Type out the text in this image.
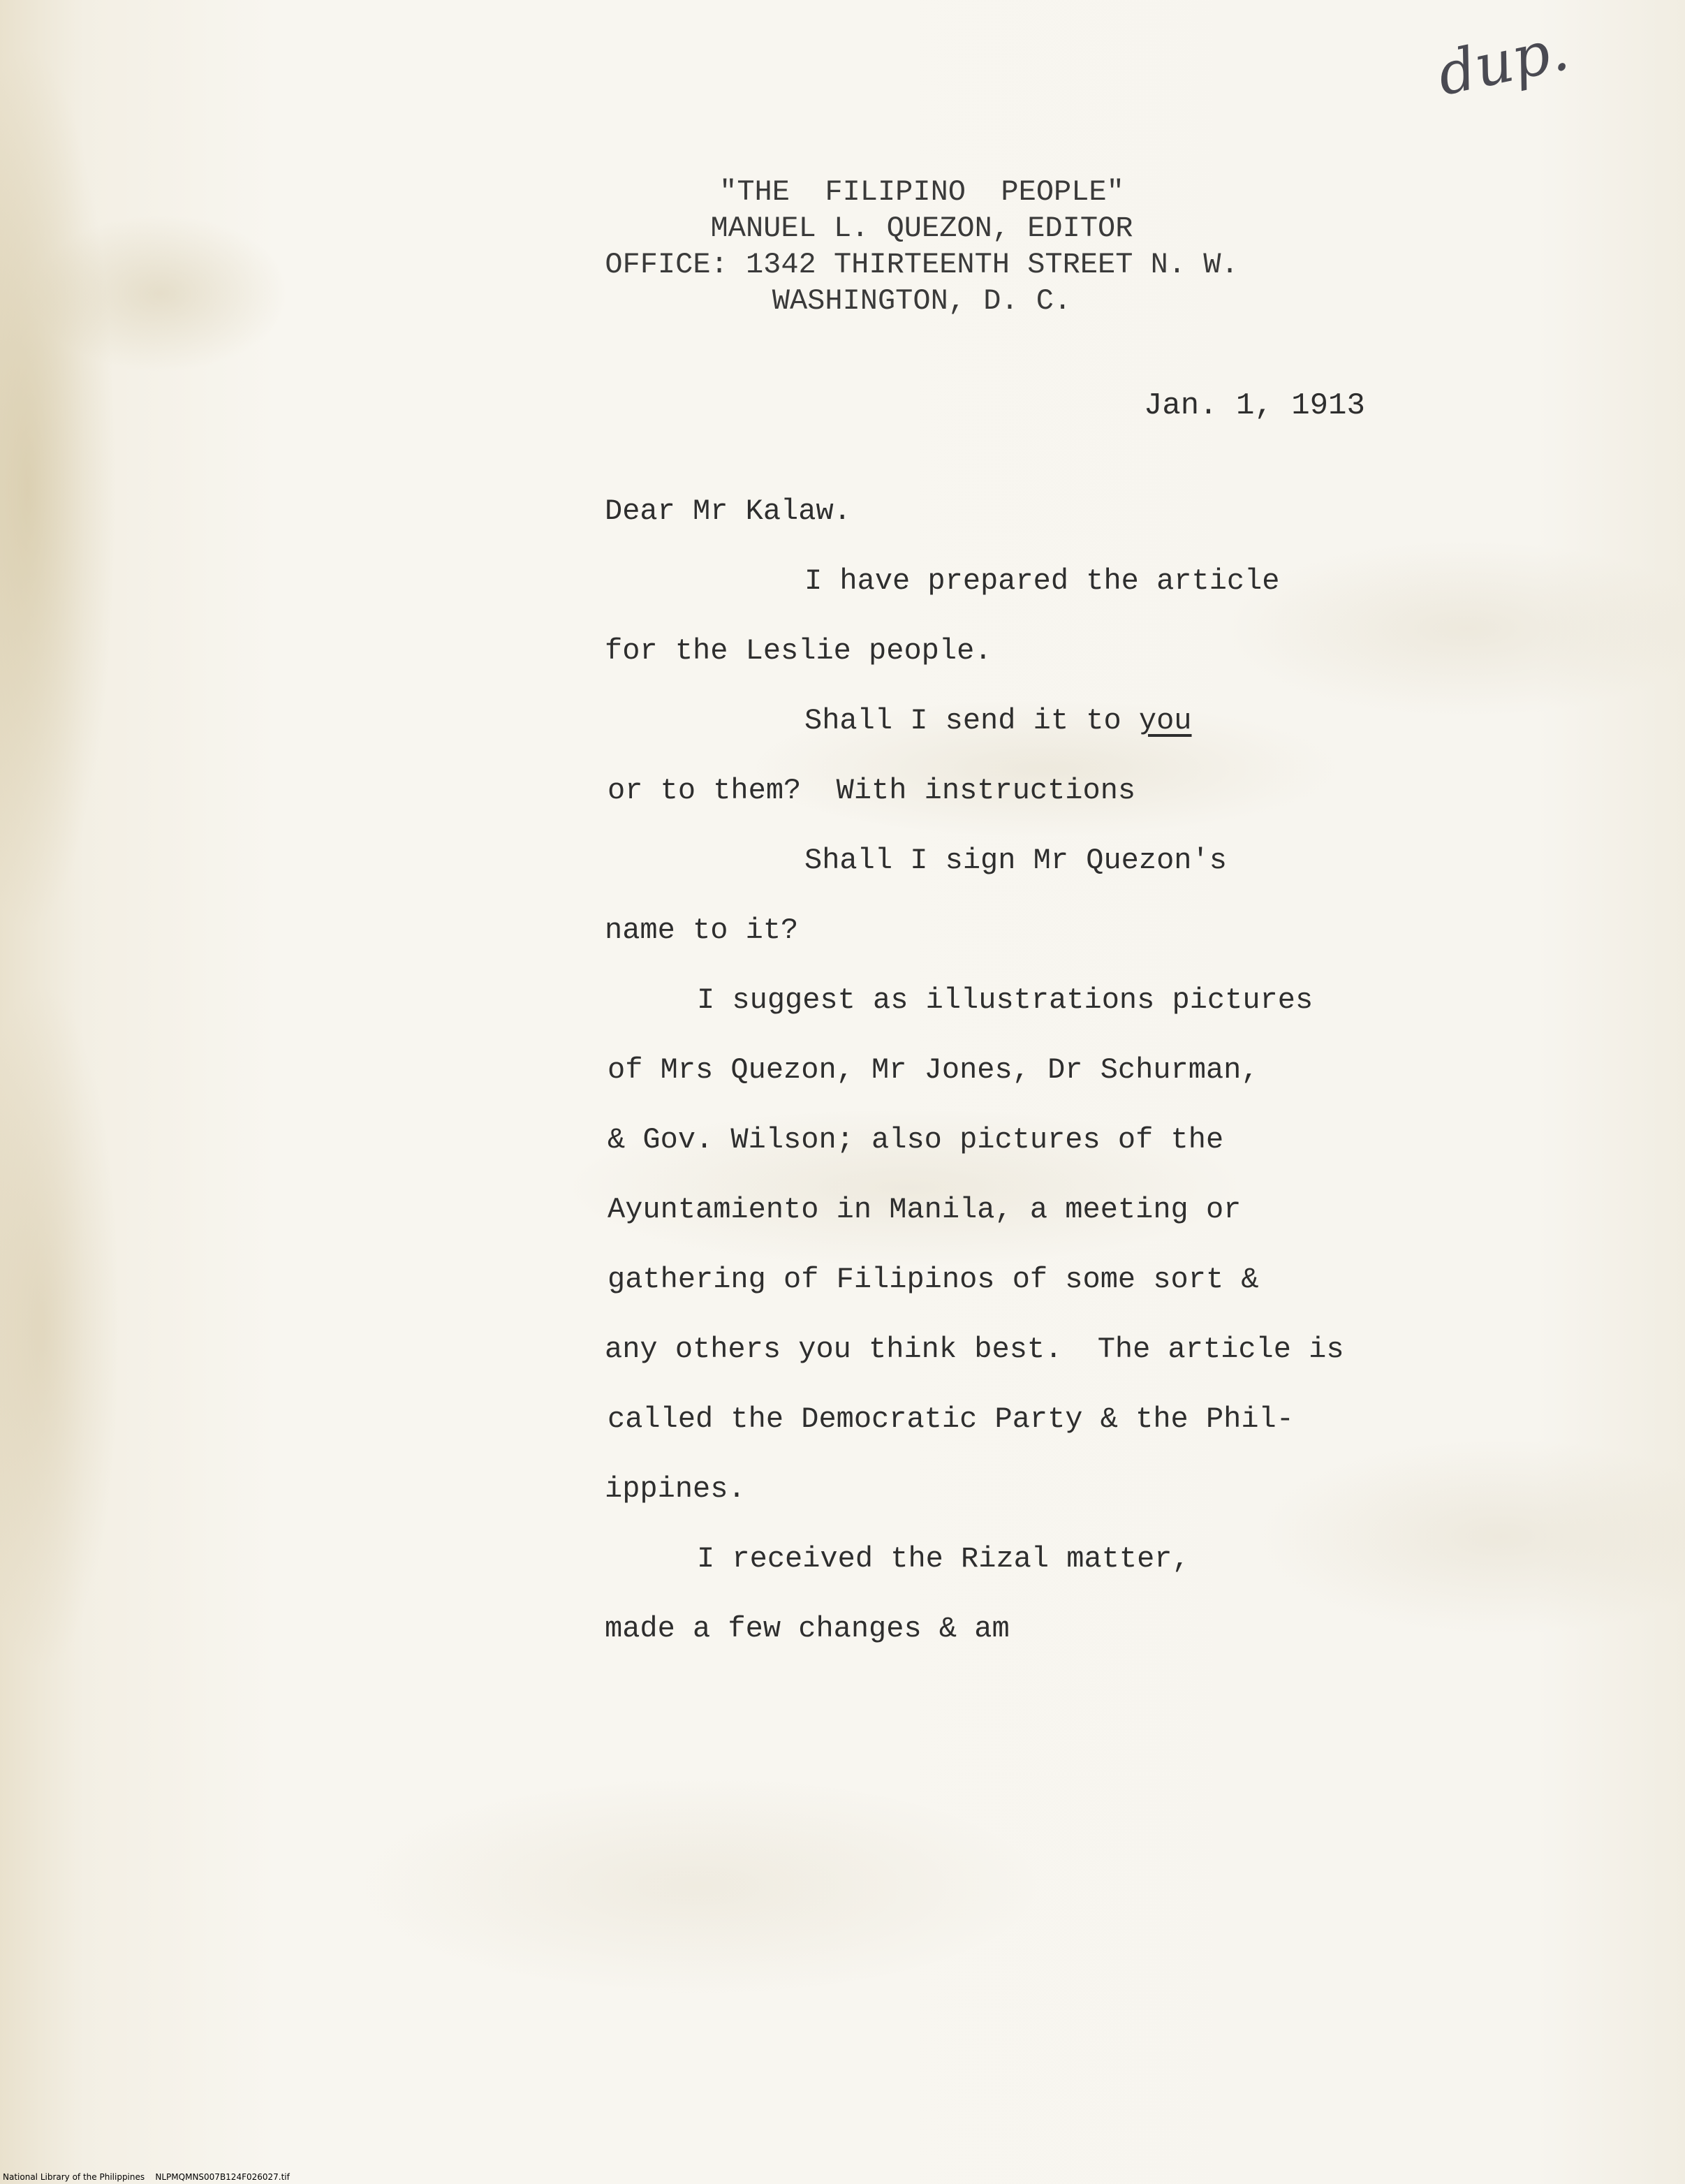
dup.

"THE  FILIPINO  PEOPLE"

MANUEL L. QUEZON, EDITOR

OFFICE: 1342 THIRTEENTH STREET N. W.

WASHINGTON, D. C.

Jan. 1, 1913

Dear Mr Kalaw.

I have prepared the article

for the Leslie people.

Shall I send it to you

or to them?  With instructions

Shall I sign Mr Quezon's

name to it?

I suggest as illustrations pictures

of Mrs Quezon, Mr Jones, Dr Schurman,

& Gov. Wilson; also pictures of the

Ayuntamiento in Manila, a meeting or

gathering of Filipinos of some sort &

any others you think best.  The article is

called the Democratic Party & the Phil-

ippines.

I received the Rizal matter,

made a few changes & am

National Library of the Philippines    NLPMQMNS007B124F026027.tif
